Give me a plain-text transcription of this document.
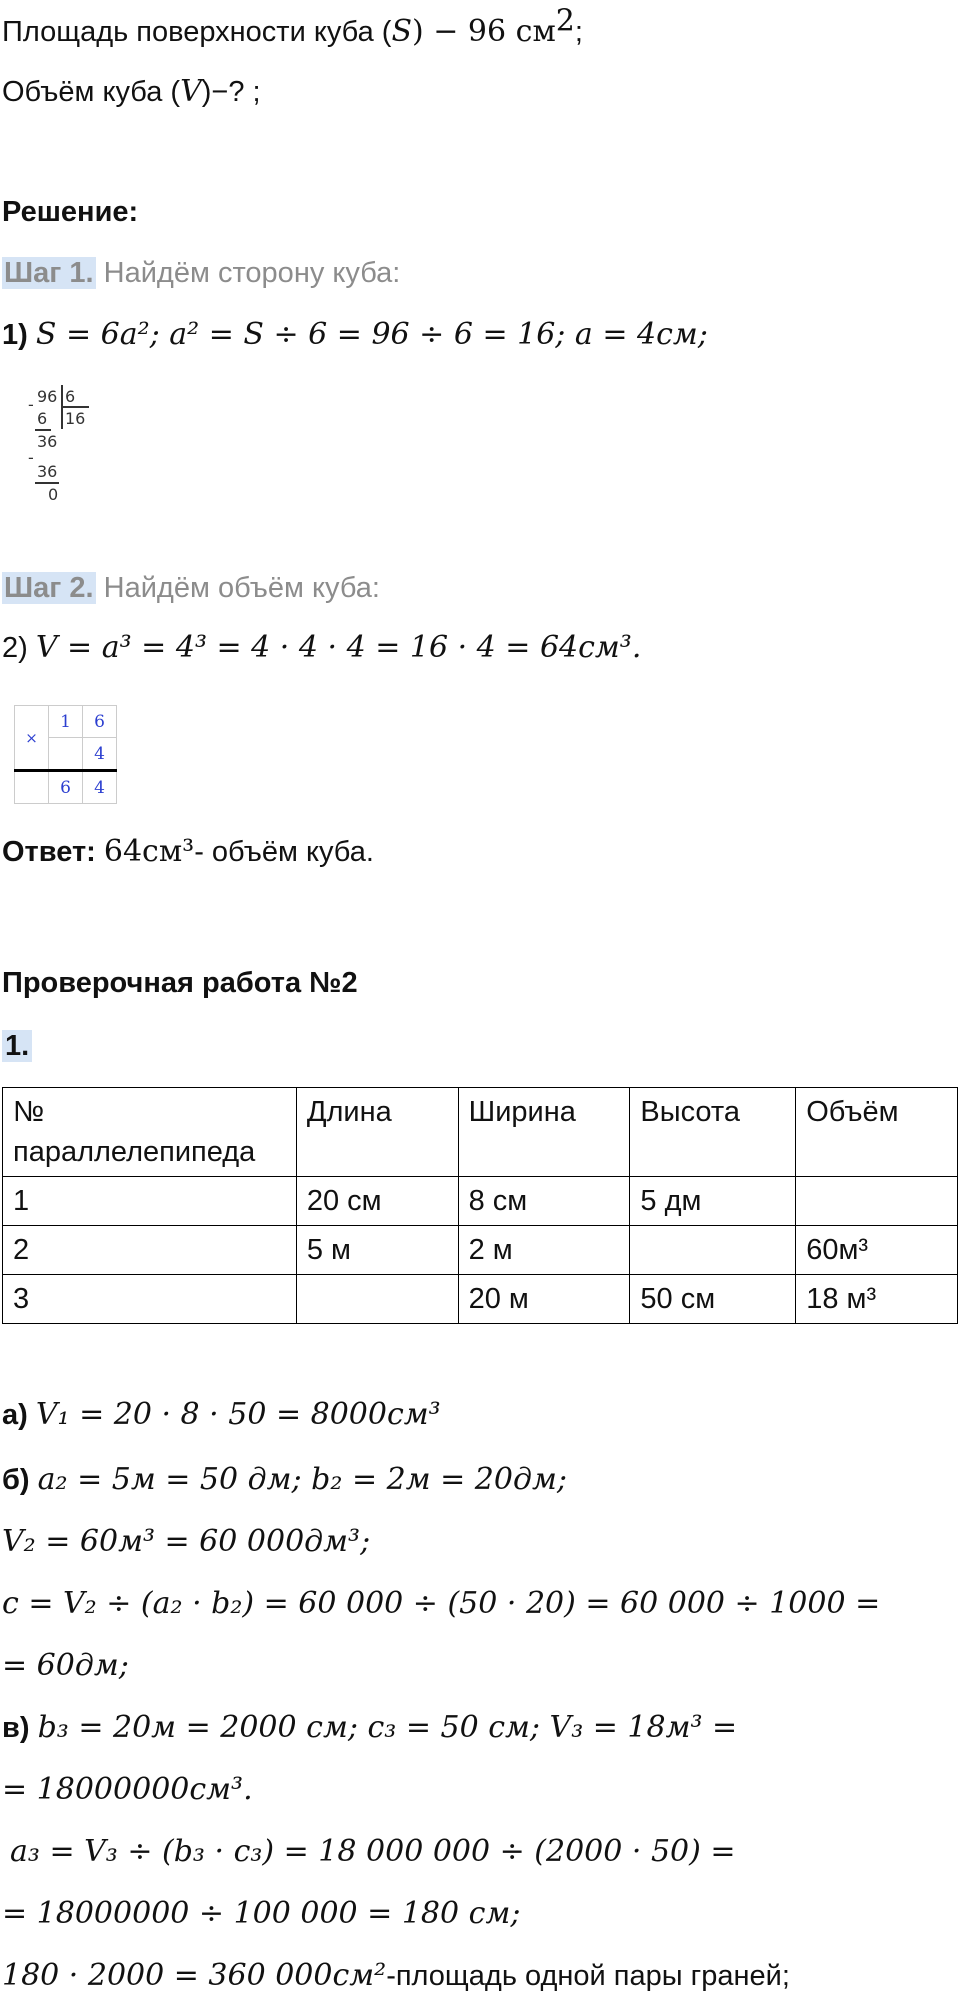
Площадь поверхности куба (S) − 96 $см^2$;
Объём куба (V)−? ;
Решение:
Шаг 1. Найдём сторону куба:
1) S = 6a²; a² = S ÷ 6 = 96 ÷ 6 = 16; a = 4см;
96 6
16
-
6
36
-
36
0
Шаг 2. Найдём объём куба:
2) V = a³ = 4³ = 4 · 4 · 4 = 16 · 4 = 64см³.
×	1	6
		4
	6	4
Ответ: 64см³- объём куба.
Проверочная работа №2
1.
№ параллелепипеда	Длина	Ширина	Высота	Объём
1	20 см	8 см	5 дм	
2	5 м	2 м		60м³
3		20 м	50 см	18 м³
а) V₁ = 20 · 8 · 50 = 8000см³
б) a₂ = 5м = 50 дм; b₂ = 2м = 20дм;
V₂ = 60м³ = 60 000дм³;
c = V₂ ÷ (a₂ · b₂) = 60 000 ÷ (50 · 20) = 60 000 ÷ 1000 =
= 60дм;
в) b₃ = 20м = 2000 см; c₃ = 50 см; V₃ = 18м³ =
= 18000000см³.
a₃ = V₃ ÷ (b₃ · c₃) = 18 000 000 ÷ (2000 · 50) =
= 18000000 ÷ 100 000 = 180 см;
180 · 2000 = 360 000см²-площадь одной пары граней;
